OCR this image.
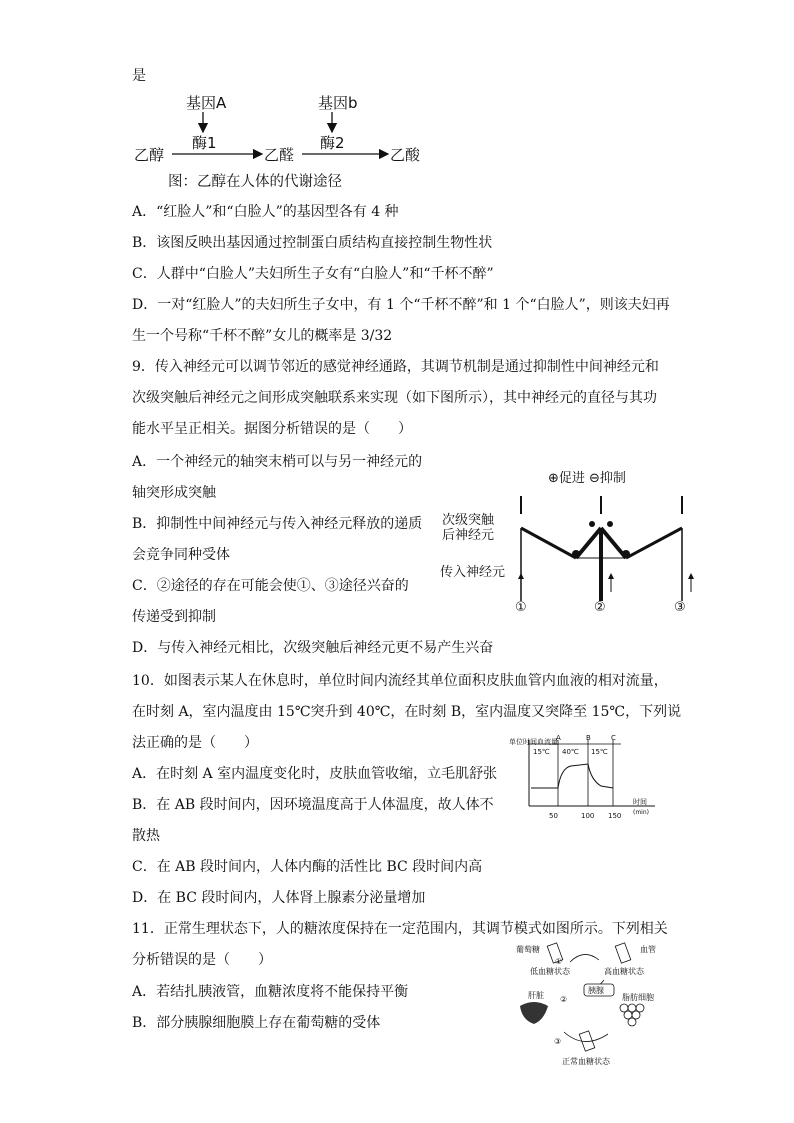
是
基因A	基因b
酶1	酶2
乙醇	乙醛	乙酸
图：乙醇在人体的代谢途径
A．“红脸人”和“白脸人”的基因型各有 4 种
B．该图反映出基因通过控制蛋白质结构直接控制生物性状
C．人群中“白脸人”夫妇所生子女有“白脸人”和“千杯不醉”
D．一对“红脸人”的夫妇所生子女中，有 1 个“千杯不醉”和 1 个“白脸人”，则该夫妇再
生一个号称“千杯不醉”女儿的概率是 3/32
9．传入神经元可以调节邻近的感觉神经通路，其调节机制是通过抑制性中间神经元和
次级突触后神经元之间形成突触联系来实现（如下图所示），其中神经元的直径与其功
能水平呈正相关。据图分析错误的是（　　）
A．一个神经元的轴突末梢可以与另一神经元的
轴突形成突触
B．抑制性中间神经元与传入神经元释放的递质
会竞争同种受体
C．②途径的存在可能会使①、③途径兴奋的
传递受到抑制
D．与传入神经元相比，次级突触后神经元更不易产生兴奋
⊕促进 ⊖抑制
次级突触
后神经元
传入神经元
①	②	③
10．如图表示某人在休息时，单位时间内流经其单位面积皮肤血管内血液的相对流量，
在时刻 A，室内温度由 15℃突升到 40℃，在时刻 B，室内温度又突降至 15℃，下列说
法正确的是（　　）
A．在时刻 A 室内温度变化时，皮肤血管收缩，立毛肌舒张
B．在 AB 段时间内，因环境温度高于人体温度，故人体不
散热
C．在 AB 段时间内，人体内酶的活性比 BC 段时间内高
D．在 BC 段时间内，人体肾上腺素分泌量增加
单位时间血流量
A	B	C
15℃ 40℃ 15℃
50	100 150
时间
(min)
11．正常生理状态下，人的糖浓度保持在一定范围内，其调节模式如图所示。下列相关
分析错误的是（　　）
A．若结扎胰液管，血糖浓度将不能保持平衡
B．部分胰腺细胞膜上存在葡萄糖的受体
葡萄糖	血管
低血糖状态	高血糖状态
①
胰腺
②
肝脏	脂肪细胞
③
正常血糖状态
